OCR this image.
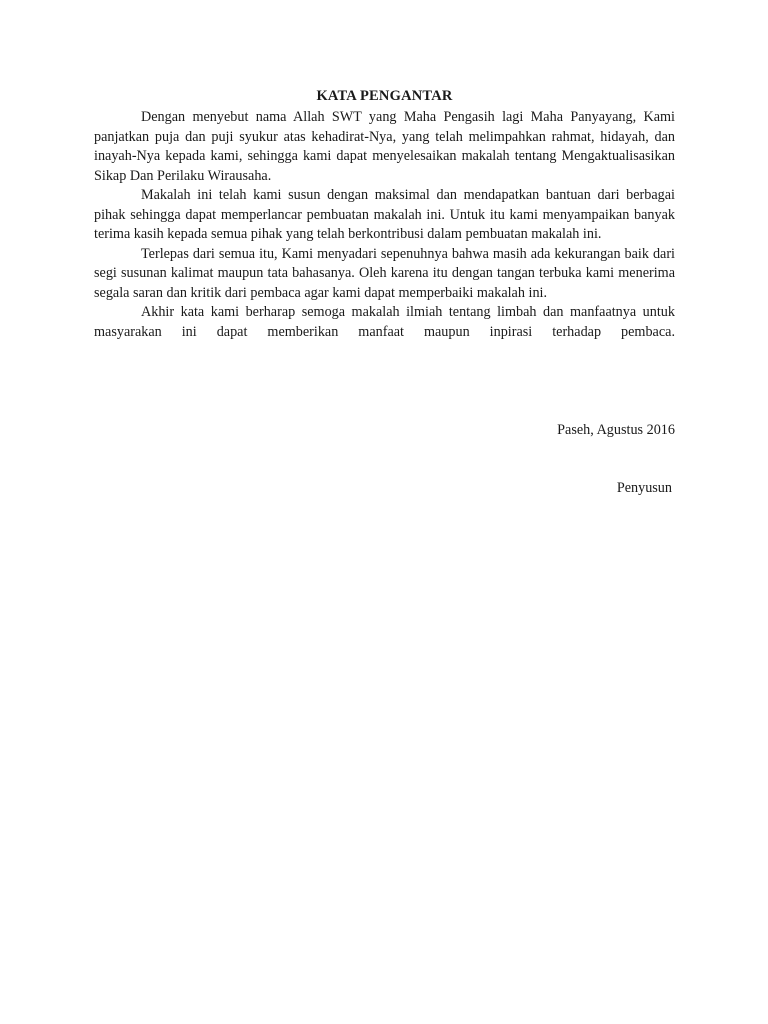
KATA PENGANTAR

Dengan menyebut nama Allah SWT yang Maha Pengasih lagi Maha Panyayang, Kami panjatkan puja dan puji syukur atas kehadirat-Nya, yang telah melimpahkan rahmat, hidayah, dan inayah-Nya kepada kami, sehingga kami dapat menyelesaikan makalah tentang Mengaktualisasikan Sikap Dan Perilaku Wirausaha.

Makalah ini telah kami susun dengan maksimal dan mendapatkan bantuan dari berbagai pihak sehingga dapat memperlancar pembuatan makalah ini. Untuk itu kami menyampaikan banyak terima kasih kepada semua pihak yang telah berkontribusi dalam pembuatan makalah ini.

Terlepas dari semua itu, Kami menyadari sepenuhnya bahwa masih ada kekurangan baik dari segi susunan kalimat maupun tata bahasanya. Oleh karena itu dengan tangan terbuka kami menerima segala saran dan kritik dari pembaca agar kami dapat memperbaiki makalah ini.

Akhir kata kami berharap semoga makalah ilmiah tentang limbah dan manfaatnya untuk masyarakan ini dapat memberikan manfaat maupun inpirasi terhadap pembaca.

Paseh, Agustus 2016

Penyusun
